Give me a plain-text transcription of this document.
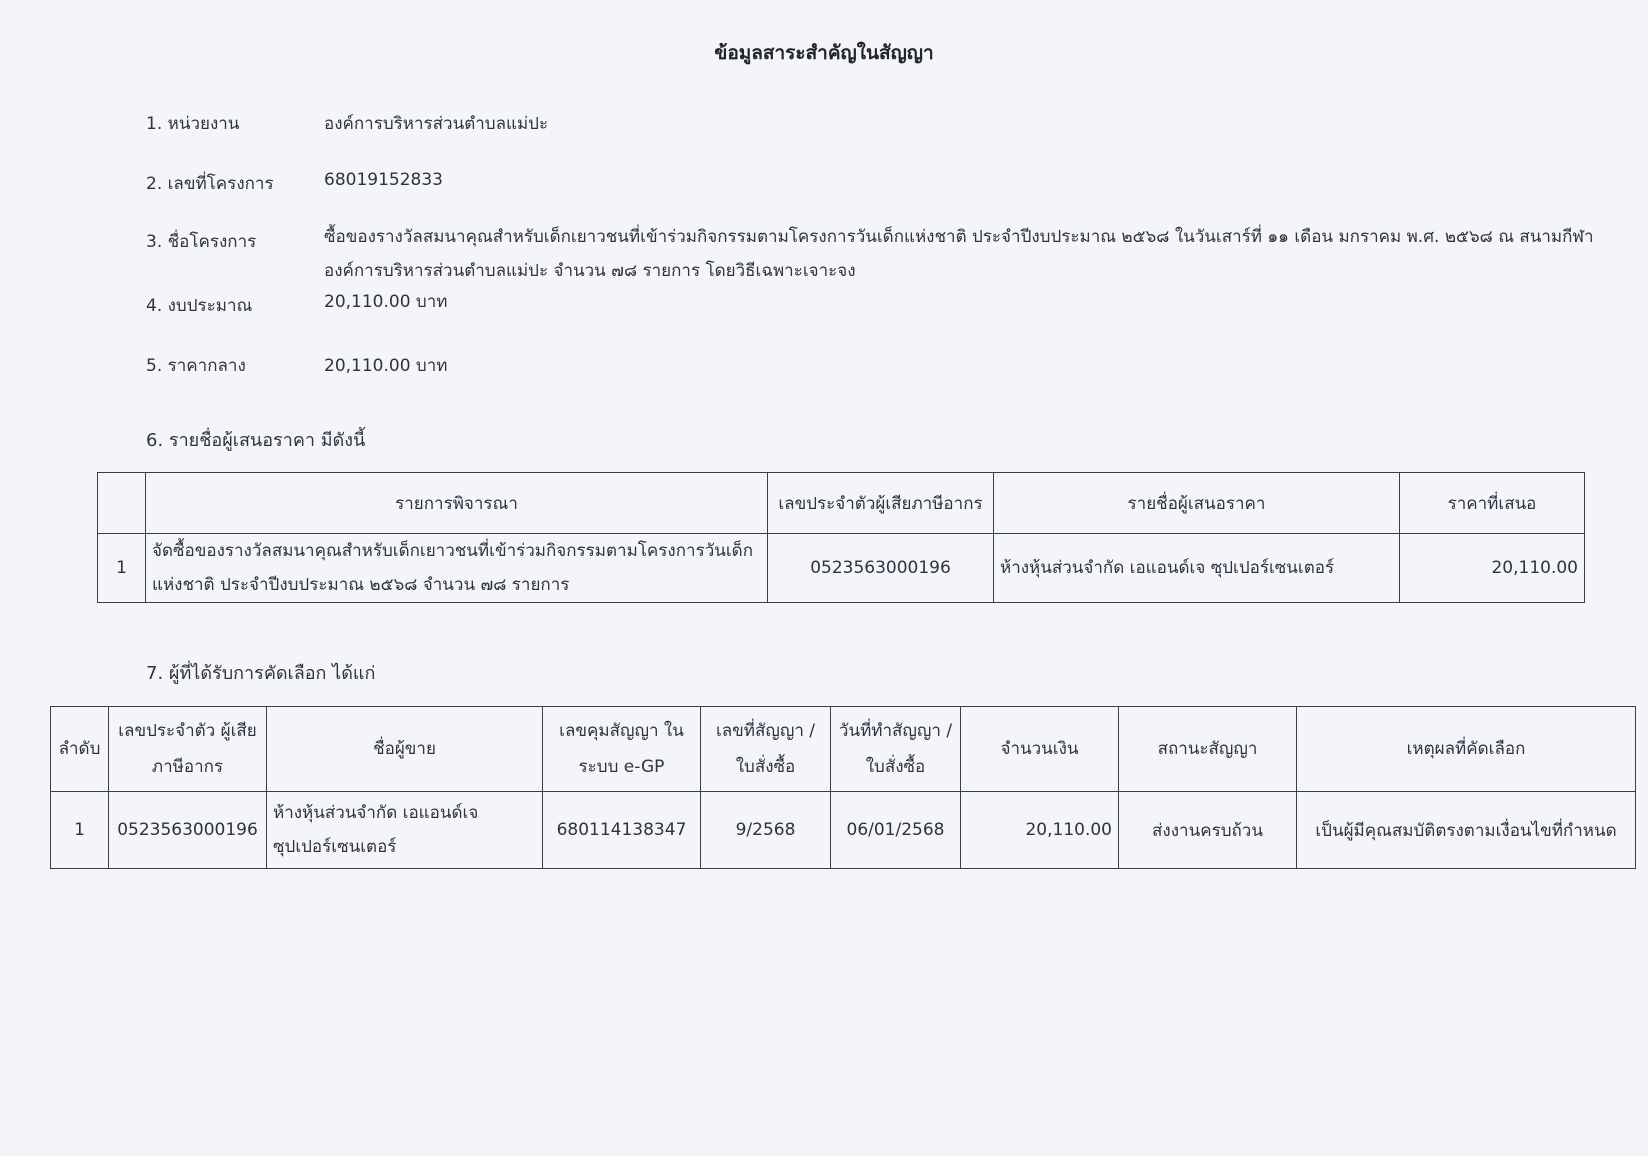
ข้อมูลสาระสำคัญในสัญญา
1. หน่วยงาน	องค์การบริหารส่วนตำบลแม่ปะ
2. เลขที่โครงการ	68019152833
3. ชื่อโครงการ	ซื้อของรางวัลสมนาคุณสำหรับเด็กเยาวชนที่เข้าร่วมกิจกรรมตามโครงการวันเด็กแห่งชาติ ประจำปีงบประมาณ ๒๕๖๘ ในวันเสาร์ที่ ๑๑ เดือน มกราคม พ.ศ. ๒๕๖๘ ณ สนามกีฬา องค์การบริหารส่วนตำบลแม่ปะ จำนวน ๗๘ รายการ โดยวิธีเฉพาะเจาะจง
4. งบประมาณ	20,110.00 บาท
5. ราคากลาง	20,110.00 บาท
6. รายชื่อผู้เสนอราคา มีดังนี้
	รายการพิจารณา	เลขประจำตัวผู้เสียภาษีอากร	รายชื่อผู้เสนอราคา	ราคาที่เสนอ
1	จัดซื้อของรางวัลสมนาคุณสำหรับเด็กเยาวชนที่เข้าร่วมกิจกรรมตามโครงการวันเด็กแห่งชาติ ประจำปีงบประมาณ ๒๕๖๘ จำนวน ๗๘ รายการ	0523563000196	ห้างหุ้นส่วนจำกัด เอแอนด์เจ ซุปเปอร์เซนเตอร์	20,110.00
7. ผู้ที่ได้รับการคัดเลือก ได้แก่
ลำดับ	เลขประจำตัว ผู้เสียภาษีอากร	ชื่อผู้ขาย	เลขคุมสัญญา ในระบบ e-GP	เลขที่สัญญา / ใบสั่งซื้อ	วันที่ทำสัญญา / ใบสั่งซื้อ	จำนวนเงิน	สถานะสัญญา	เหตุผลที่คัดเลือก
1	0523563000196	ห้างหุ้นส่วนจำกัด เอแอนด์เจ ซุปเปอร์เซนเตอร์	680114138347	9/2568	06/01/2568	20,110.00	ส่งงานครบถ้วน	เป็นผู้มีคุณสมบัติตรงตามเงื่อนไขที่กำหนด
